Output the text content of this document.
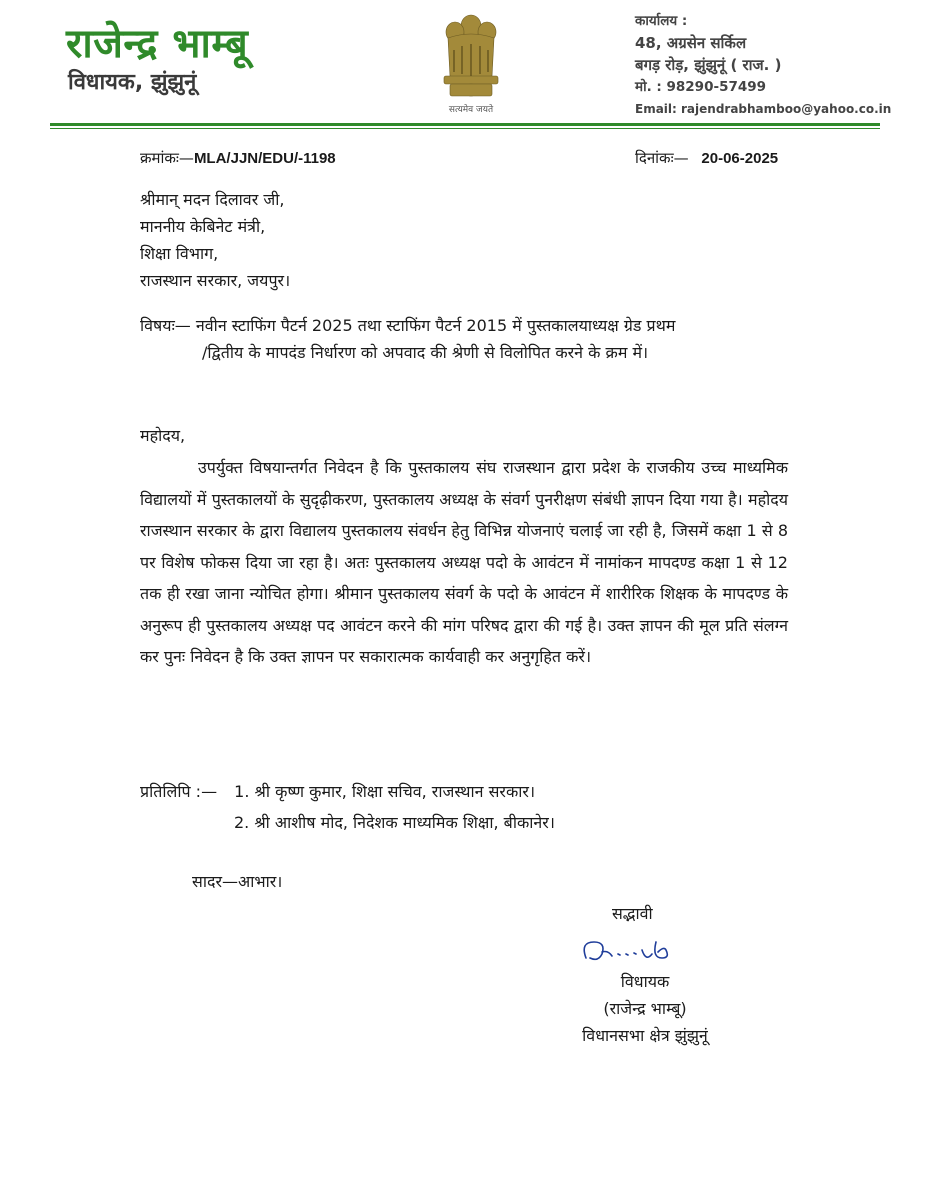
राजेन्द्र भाम्बू
विधायक, झुंझुनूं
सत्यमेव जयते
कार्यालय :
48, अग्रसेन सर्किल
बगड़ रोड़, झुंझुनूं ( राज. )
मो. : 98290-57499
Email: rajendrabhamboo@yahoo.co.in
क्रमांकः—MLA/JJN/EDU/-1198	दिनांकः— 20-06-2025
श्रीमान् मदन दिलावर जी,
माननीय केबिनेट मंत्री,
शिक्षा विभाग,
राजस्थान सरकार, जयपुर।
विषयः— नवीन स्टाफिंग पैटर्न 2025 तथा स्टाफिंग पैटर्न 2015 में पुस्तकालयाध्यक्ष ग्रेड प्रथम
/द्वितीय के मापदंड निर्धारण को अपवाद की श्रेणी से विलोपित करने के क्रम में।
महोदय,
उपर्युक्त विषयान्तर्गत निवेदन है कि पुस्तकालय संघ राजस्थान द्वारा प्रदेश के राजकीय उच्च माध्यमिक विद्यालयों में पुस्तकालयों के सुदृढ़ीकरण, पुस्तकालय अध्यक्ष के संवर्ग पुनरीक्षण संबंधी ज्ञापन दिया गया है। महोदय राजस्थान सरकार के द्वारा विद्यालय पुस्तकालय संवर्धन हेतु विभिन्न योजनाएं चलाई जा रही है, जिसमें कक्षा 1 से 8 पर विशेष फोकस दिया जा रहा है। अतः पुस्तकालय अध्यक्ष पदो के आवंटन में नामांकन मापदण्ड कक्षा 1 से 12 तक ही रखा जाना न्योचित होगा। श्रीमान पुस्तकालय संवर्ग के पदो के आवंटन में शारीरिक शिक्षक के मापदण्ड के अनुरूप ही पुस्तकालय अध्यक्ष पद आवंटन करने की मांग परिषद द्वारा की गई है। उक्त ज्ञापन की मूल प्रति संलग्न कर पुनः निवेदन है कि उक्त ज्ञापन पर सकारात्मक कार्यवाही कर अनुगृहित करें।
प्रतिलिपि :— 1. श्री कृष्ण कुमार, शिक्षा सचिव, राजस्थान सरकार।
2. श्री आशीष मोद, निदेशक माध्यमिक शिक्षा, बीकानेर।
सादर—आभार।
सद्भावी
विधायक
(राजेन्द्र भाम्बू)
विधानसभा क्षेत्र झुंझुनूं
